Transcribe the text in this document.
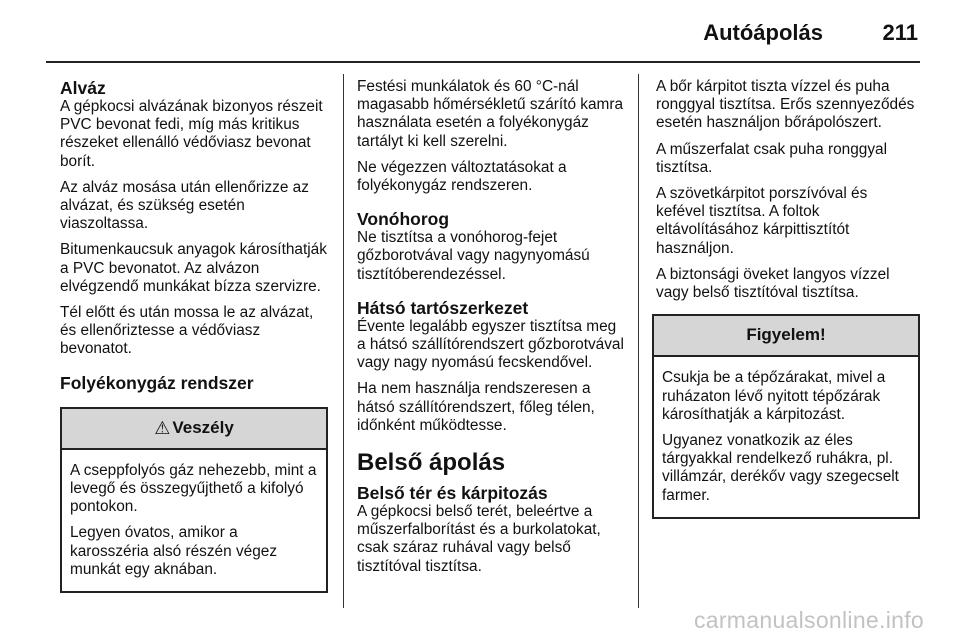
Autóápolás	211
Alváz

A gépkocsi alvázának bizonyos részeit PVC bevonat fedi, míg más kritikus részeket ellenálló védőviasz bevonat borít.

Az alváz mosása után ellenőrizze az alvázat, és szükség esetén viaszoltassa.

Bitumenkaucsuk anyagok károsíthatják a PVC bevonatot. Az alvázon elvégzendő munkákat bízza szervizre.

Tél előtt és után mossa le az alvázat, és ellenőriztesse a védőviasz bevonatot.

Folyékonygáz rendszer
⚠ Veszély

A cseppfolyós gáz nehezebb, mint a levegő és összegyűjthető a kifolyó pontokon.

Legyen óvatos, amikor a karosszéria alsó részén végez munkát egy aknában.

Festési munkálatok és 60 °C-nál magasabb hőmérsékletű szárító kamra használata esetén a folyékonygáz tartályt ki kell szerelni.

Ne végezzen változtatásokat a folyékonygáz rendszeren.

Vonóhorog

Ne tisztítsa a vonóhorog-fejet gőzborotvával vagy nagynyomású tisztítóberendezéssel.

Hátsó tartószerkezet

Évente legalább egyszer tisztítsa meg a hátsó szállítórendszert gőzborotvával vagy nagy nyomású fecskendővel.

Ha nem használja rendszeresen a hátsó szállítórendszert, főleg télen, időnként működtesse.

Belső ápolás
Belső tér és kárpitozás

A gépkocsi belső terét, beleértve a műszerfalborítást és a burkolatokat, csak száraz ruhával vagy belső tisztítóval tisztítsa.

A bőr kárpitot tiszta vízzel és puha ronggyal tisztítsa. Erős szennyeződés esetén használjon bőrápolószert.

A műszerfalat csak puha ronggyal tisztítsa.

A szövetkárpitot porszívóval és kefével tisztítsa. A foltok eltávolításához kárpittisztítót használjon.

A biztonsági öveket langyos vízzel vagy belső tisztítóval tisztítsa.

Figyelem!

Csukja be a tépőzárakat, mivel a ruházaton lévő nyitott tépőzárak károsíthatják a kárpitozást.

Ugyanez vonatkozik az éles tárgyakkal rendelkező ruhákra, pl. villámzár, derékőv vagy szegecselt farmer.

carmanualsonline.info
